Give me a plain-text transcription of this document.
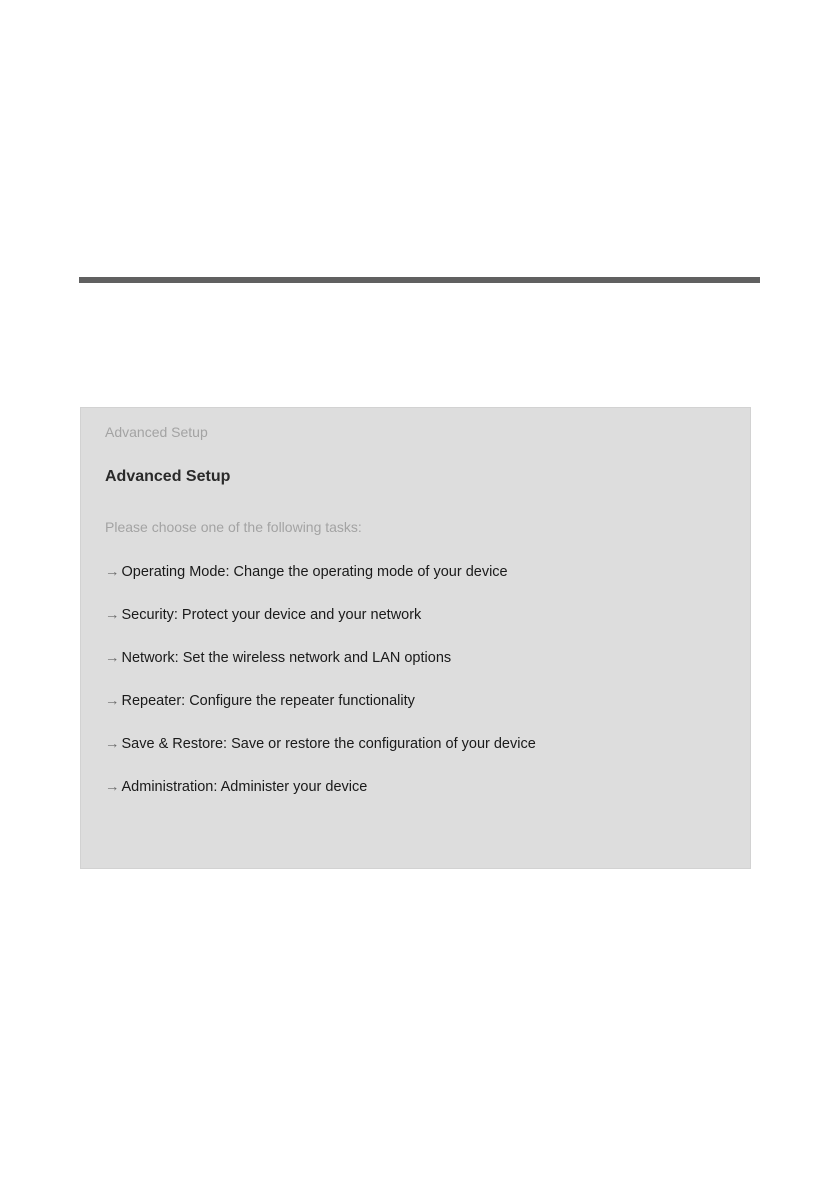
Advanced Setup
Advanced Setup
Please choose one of the following tasks:
→ Operating Mode: Change the operating mode of your device
→ Security: Protect your device and your network
→ Network: Set the wireless network and LAN options
→ Repeater: Configure the repeater functionality
→ Save & Restore: Save or restore the configuration of your device
→ Administration: Administer your device
